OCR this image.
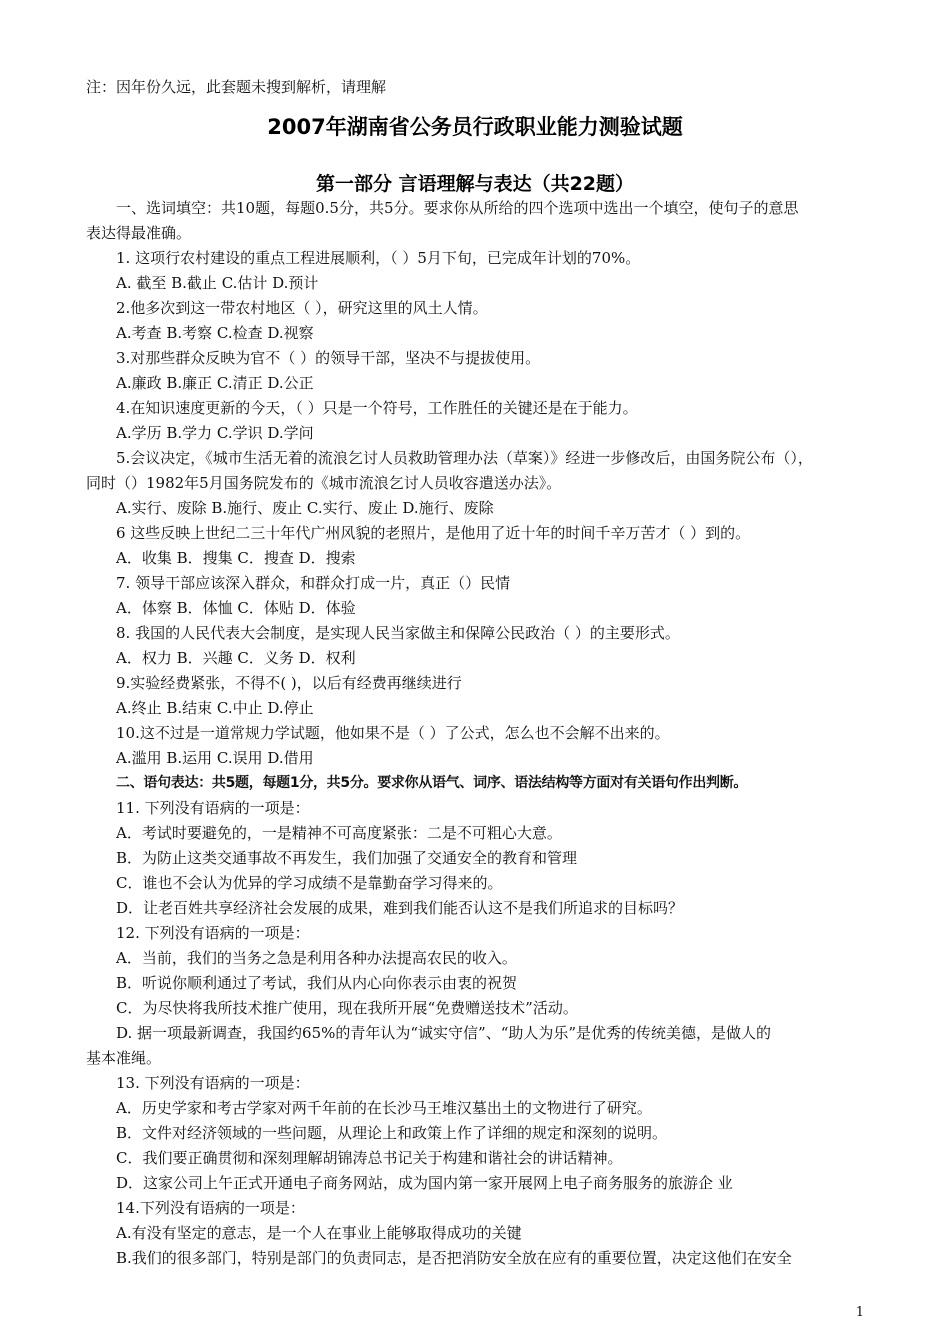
注：因年份久远，此套题未搜到解析，请理解
2007年湖南省公务员行政职业能力测验试题
第一部分 言语理解与表达（共22题）
一、选词填空：共10题，每题0.5分，共5分。要求你从所给的四个选项中选出一个填空，使句子的意思
表达得最准确。
1. 这项行农村建设的重点工程进展顺利，（ ）5月下旬，已完成年计划的70%。
A. 截至 B.截止 C.估计 D.预计
2.他多次到这一带农村地区（ ），研究这里的风土人情。
A.考查 B.考察 C.检查 D.视察
3.对那些群众反映为官不（ ）的领导干部，坚决不与提拔使用。
A.廉政 B.廉正 C.清正 D.公正
4.在知识速度更新的今天，（ ）只是一个符号，工作胜任的关键还是在于能力。
A.学历 B.学力 C.学识 D.学问
5.会议决定，《城市生活无着的流浪乞讨人员救助管理办法（草案）》经进一步修改后，由国务院公布（），
同时（）1982年5月国务院发布的《城市流浪乞讨人员收容遣送办法》。
A.实行、废除 B.施行、废止 C.实行、废止 D.施行、废除
6 这些反映上世纪二三十年代广州风貌的老照片，是他用了近十年的时间千辛万苦才（ ）到的。
A．收集 B．搜集 C．搜查 D．搜索
7. 领导干部应该深入群众，和群众打成一片，真正（）民情
A．体察 B．体恤 C．体贴 D．体验
8. 我国的人民代表大会制度，是实现人民当家做主和保障公民政治（ ）的主要形式。
A．权力 B．兴趣 C．义务 D．权利
9.实验经费紧张，不得不( )，以后有经费再继续进行
A.终止 B.结束 C.中止 D.停止
10.这不过是一道常规力学试题，他如果不是（ ）了公式，怎么也不会解不出来的。
A.滥用 B.运用 C.误用 D.借用
二、语句表达：共5题，每题1分，共5分。要求你从语气、词序、语法结构等方面对有关语句作出判断。
11. 下列没有语病的一项是：
A．考试时要避免的，一是精神不可高度紧张：二是不可粗心大意。
B．为防止这类交通事故不再发生，我们加强了交通安全的教育和管理
C．谁也不会认为优异的学习成绩不是靠勤奋学习得来的。
D．让老百姓共享经济社会发展的成果，难到我们能否认这不是我们所追求的目标吗？
12. 下列没有语病的一项是：
A．当前，我们的当务之急是利用各种办法提高农民的收入。
B．听说你顺利通过了考试，我们从内心向你表示由衷的祝贺
C．为尽快将我所技术推广使用，现在我所开展“免费赠送技术”活动。
D. 据一项最新调查，我国约65%的青年认为“诚实守信”、“助人为乐”是优秀的传统美德，是做人的
基本准绳。
13. 下列没有语病的一项是：
A．历史学家和考古学家对两千年前的在长沙马王堆汉墓出土的文物进行了研究。
B．文件对经济领域的一些问题，从理论上和政策上作了详细的规定和深刻的说明。
C．我们要正确贯彻和深刻理解胡锦涛总书记关于构建和谐社会的讲话精神。
D．这家公司上午正式开通电子商务网站，成为国内第一家开展网上电子商务服务的旅游企 业
14.下列没有语病的一项是：
A.有没有坚定的意志，是一个人在事业上能够取得成功的关键
B.我们的很多部门，特别是部门的负责同志，是否把消防安全放在应有的重要位置，决定这他们在安全
1
